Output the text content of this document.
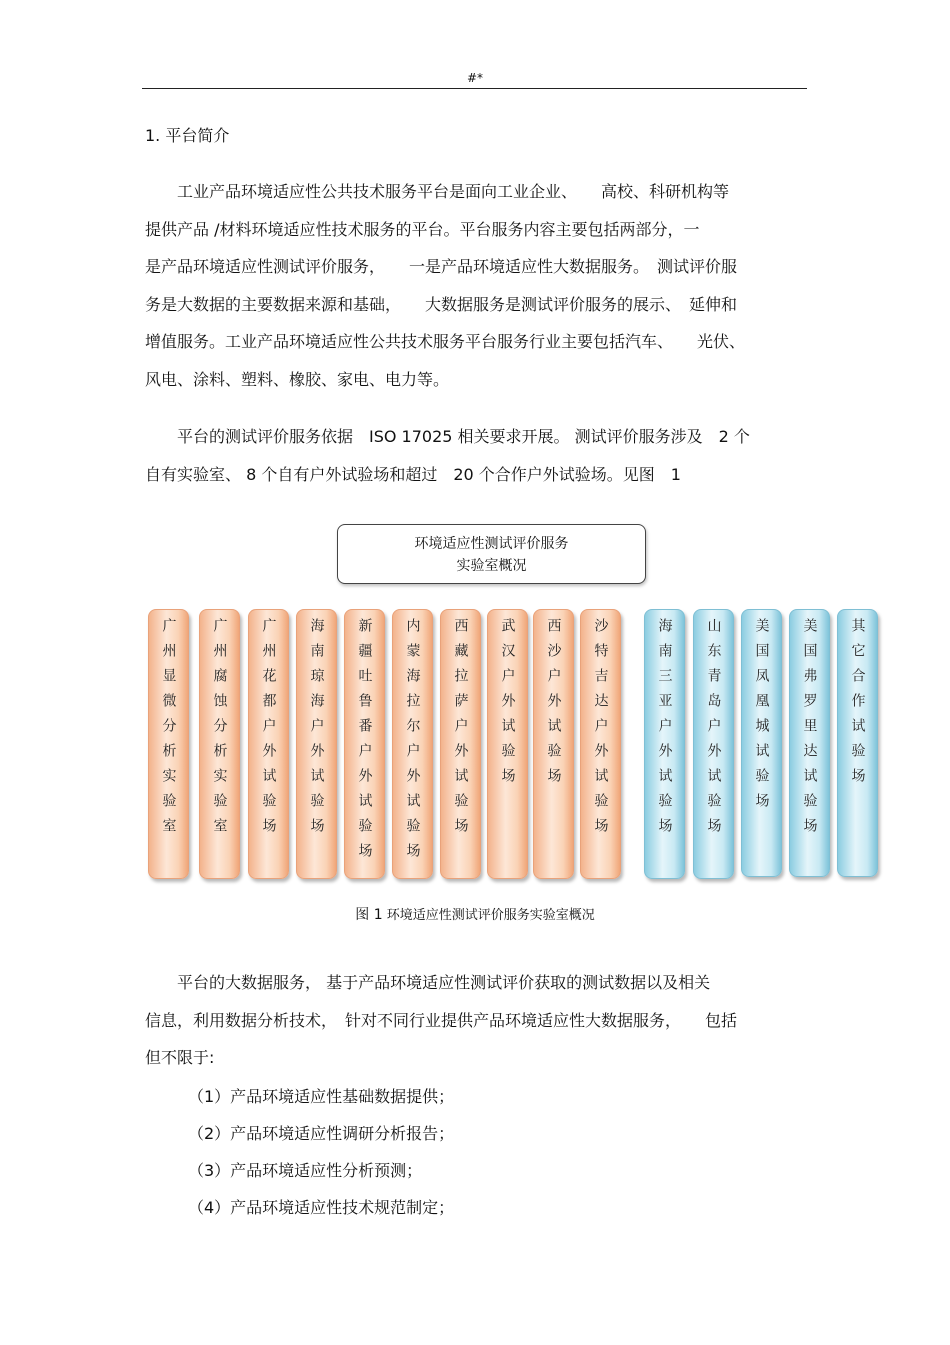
#*
1. 平台简介
　　工业产品环境适应性公共技术服务平台是面向工业企业、　　高校、科研机构等
提供产品 /材料环境适应性技术服务的平台。平台服务内容主要包括两部分，一
是产品环境适应性测试评价服务，　　一是产品环境适应性大数据服务。　测试评价服
务是大数据的主要数据来源和基础，　　大数据服务是测试评价服务的展示、　延伸和
增值服务。工业产品环境适应性公共技术服务平台服务行业主要包括汽车、　　光伏、
风电、涂料、塑料、橡胶、家电、电力等。
　　平台的测试评价服务依据　ISO 17025 相关要求开展。 测试评价服务涉及　2 个
自有实验室、 8 个自有户外试验场和超过　20 个合作户外试验场。见图　1
环境适应性测试评价服务
实验室概况
广州显微分析实验室	广州腐蚀分析实验室 广州花都户外试验场 海南琼海户外试验场 新疆吐鲁番户外试验场 内蒙海拉尔户外试验场 西藏拉萨户外试验场 武汉户外试验场 西沙户外试验场 沙特吉达户外试验场	海南三亚户外试验场 山东青岛户外试验场 美国凤凰城试验场 美国弗罗里达试验场 其它合作试验场
图 1 环境适应性测试评价服务实验室概况
　　平台的大数据服务， 基于产品环境适应性测试评价获取的测试数据以及相关
信息，利用数据分析技术，　针对不同行业提供产品环境适应性大数据服务，　　包括
但不限于:
（1）产品环境适应性基础数据提供；
（2）产品环境适应性调研分析报告；
（3）产品环境适应性分析预测；
（4）产品环境适应性技术规范制定；
